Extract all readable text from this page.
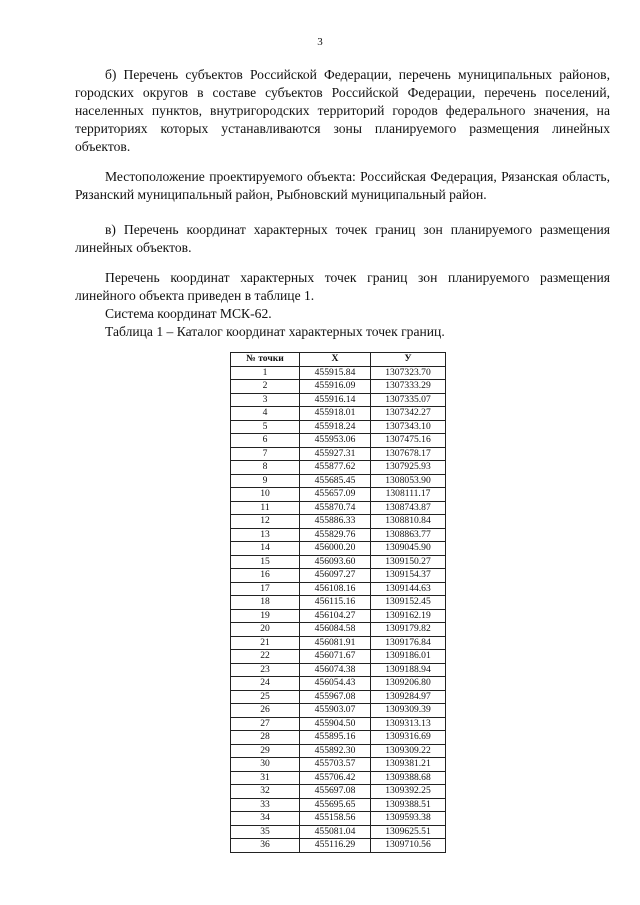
3

б) Перечень субъектов Российской Федерации, перечень муниципальных районов, городских округов в составе субъектов Российской Федерации, перечень поселений, населенных пунктов, внутригородских территорий городов федерального значения, на территориях которых устанавливаются зоны планируемого размещения линейных объектов.

Местоположение проектируемого объекта: Российская Федерация, Рязанская область, Рязанский муниципальный район, Рыбновский муниципальный район.

в) Перечень координат характерных точек границ зон планируемого размещения линейных объектов.

Перечень координат характерных точек границ зон планируемого размещения линейного объекта приведен в таблице 1.

Система координат МСК-62.

Таблица 1 – Каталог координат характерных точек границ.

№ точки	X	У
1	455915.84	1307323.70
2	455916.09	1307333.29
3	455916.14	1307335.07
4	455918.01	1307342.27
5	455918.24	1307343.10
6	455953.06	1307475.16
7	455927.31	1307678.17
8	455877.62	1307925.93
9	455685.45	1308053.90
10	455657.09	1308111.17
11	455870.74	1308743.87
12	455886.33	1308810.84
13	455829.76	1308863.77
14	456000.20	1309045.90
15	456093.60	1309150.27
16	456097.27	1309154.37
17	456108.16	1309144.63
18	456115.16	1309152.45
19	456104.27	1309162.19
20	456084.58	1309179.82
21	456081.91	1309176.84
22	456071.67	1309186.01
23	456074.38	1309188.94
24	456054.43	1309206.80
25	455967.08	1309284.97
26	455903.07	1309309.39
27	455904.50	1309313.13
28	455895.16	1309316.69
29	455892.30	1309309.22
30	455703.57	1309381.21
31	455706.42	1309388.68
32	455697.08	1309392.25
33	455695.65	1309388.51
34	455158.56	1309593.38
35	455081.04	1309625.51
36	455116.29	1309710.56
